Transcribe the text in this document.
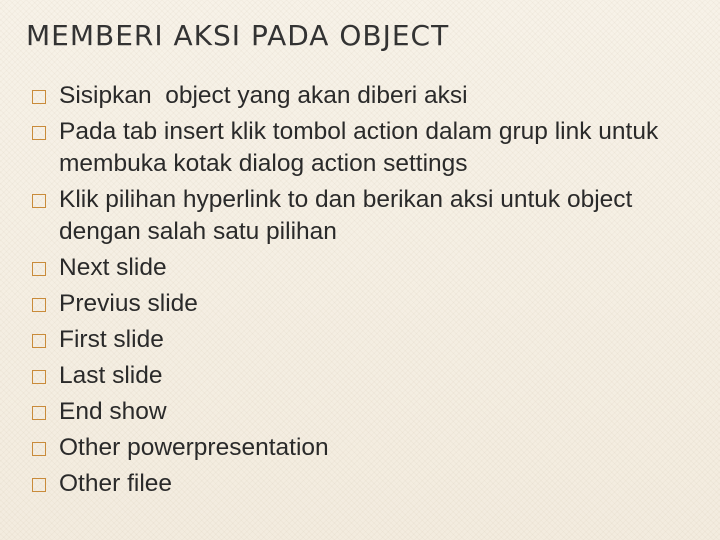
MEMBERI AKSI PADA OBJECT
Sisipkan  object yang akan diberi aksi
Pada tab insert klik tombol action dalam grup link untuk membuka kotak dialog action settings
Klik pilihan hyperlink to dan berikan aksi untuk object dengan salah satu pilihan
Next slide
Previus slide
First slide
Last slide
End show
Other powerpresentation
Other filee
